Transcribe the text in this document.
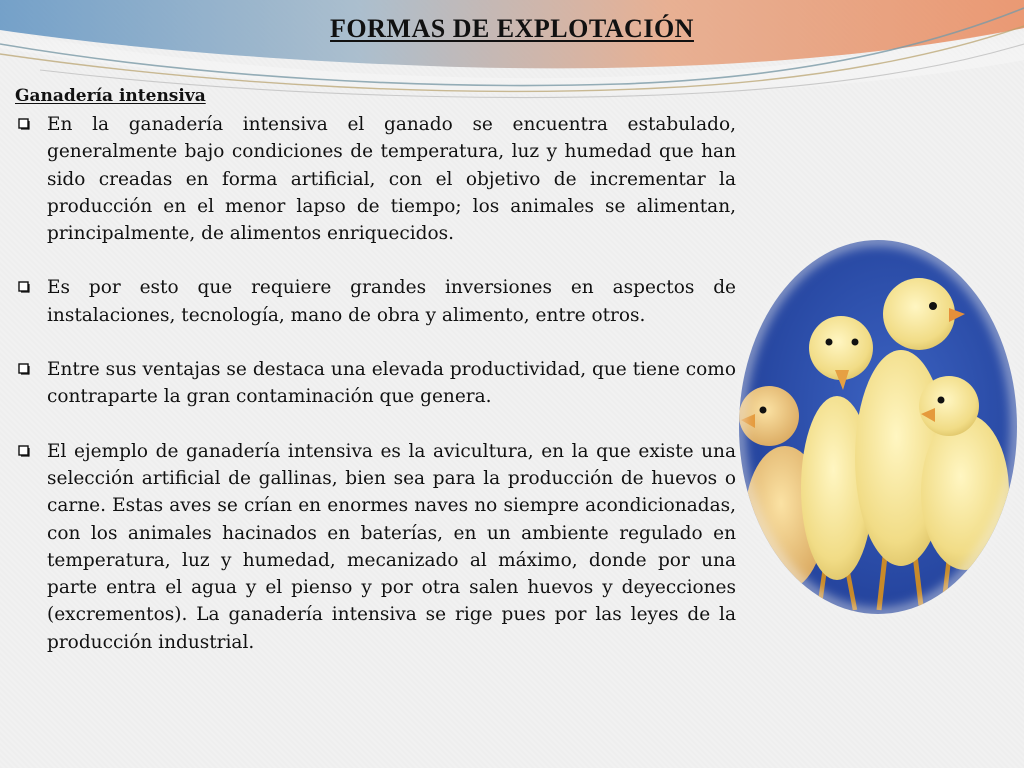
FORMAS DE EXPLOTACIÓN
Ganadería intensiva

En la ganadería intensiva el ganado se encuentra estabulado, generalmente bajo condiciones de temperatura, luz y humedad que han sido creadas en forma artificial, con el objetivo de incrementar la producción en el menor lapso de tiempo; los animales se alimentan, principalmente, de alimentos enriquecidos.

Es por esto que requiere grandes inversiones en aspectos de instalaciones, tecnología, mano de obra y alimento, entre otros.

Entre sus ventajas se destaca una elevada productividad, que tiene como contraparte la gran contaminación que genera.

El ejemplo de ganadería intensiva es la avicultura, en la que existe una selección artificial de gallinas, bien sea para la producción de huevos o carne. Estas aves se crían en enormes naves no siempre acondicionadas, con los animales hacinados en baterías, en un ambiente regulado en temperatura, luz y humedad, mecanizado al máximo, donde por una parte entra el agua y el pienso y por otra salen huevos y deyecciones (excrementos). La ganadería intensiva se rige pues por las leyes de la producción industrial.
